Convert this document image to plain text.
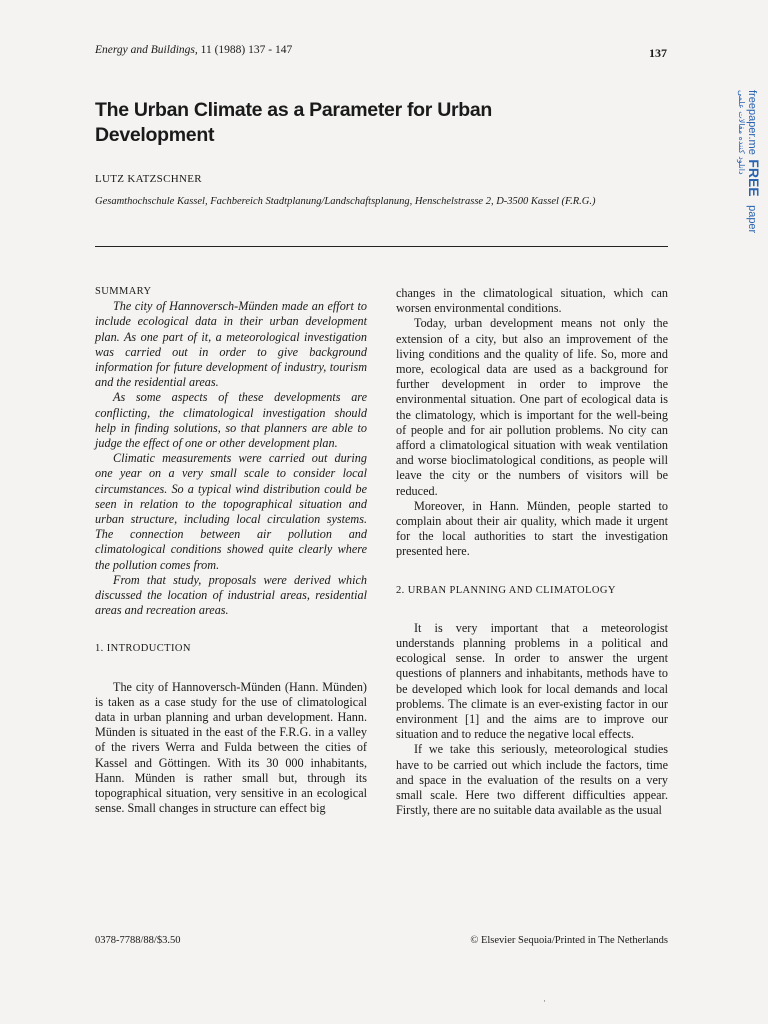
Energy and Buildings, 11 (1988) 137 - 147	137
The Urban Climate as a Parameter for Urban Development
LUTZ KATZSCHNER
Gesamthochschule Kassel, Fachbereich Stadtplanung/Landschaftsplanung, Henschelstrasse 2, D-3500 Kassel (F.R.G.)

SUMMARY

The city of Hannoversch-Münden made an effort to include ecological data in their urban development plan. As one part of it, a meteorological investigation was carried out in order to give background information for future development of industry, tourism and the residential areas.

As some aspects of these developments are conflicting, the climatological investigation should help in finding solutions, so that planners are able to judge the effect of one or other development plan.

Climatic measurements were carried out during one year on a very small scale to consider local circumstances. So a typical wind distribution could be seen in relation to the topographical situation and urban structure, including local circulation systems. The connection between air pollution and climatological conditions showed quite clearly where the pollution comes from.

From that study, proposals were derived which discussed the location of industrial areas, residential areas and recreation areas.

1. INTRODUCTION

The city of Hannoversch-Münden (Hann. Münden) is taken as a case study for the use of climatological data in urban planning and urban development. Hann. Münden is situated in the east of the F.R.G. in a valley of the rivers Werra and Fulda between the cities of Kassel and Göttingen. With its 30 000 inhabitants, Hann. Münden is rather small but, through its topographical situation, very sensitive in an ecological sense. Small changes in structure can effect big

changes in the climatological situation, which can worsen environmental conditions.

Today, urban development means not only the extension of a city, but also an improvement of the living conditions and the quality of life. So, more and more, ecological data are used as a background for further development in order to improve the environmental situation. One part of ecological data is the climatology, which is important for the well-being of people and for air pollution problems. No city can afford a climatological situation with weak ventilation and worse bioclimatological conditions, as people will leave the city or the numbers of visitors will be reduced.

Moreover, in Hann. Münden, people started to complain about their air quality, which made it urgent for the local authorities to start the investigation presented here.

2. URBAN PLANNING AND CLIMATOLOGY

It is very important that a meteorologist understands planning problems in a political and ecological sense. In order to answer the urgent questions of planners and inhabitants, methods have to be developed which look for local demands and local problems. The climate is an ever-existing factor in our environment [1] and the aims are to improve our situation and to reduce the negative local effects.

If we take this seriously, meteorological studies have to be carried out which include the factors, time and space in the evaluation of the results on a very small scale. Here two different difficulties appear. Firstly, there are no suitable data available as the usual

0378-7788/88/$3.50	© Elsevier Sequoia/Printed in The Netherlands
·
دانلود کننده مقالات علمی freepaper.me FREE paper
